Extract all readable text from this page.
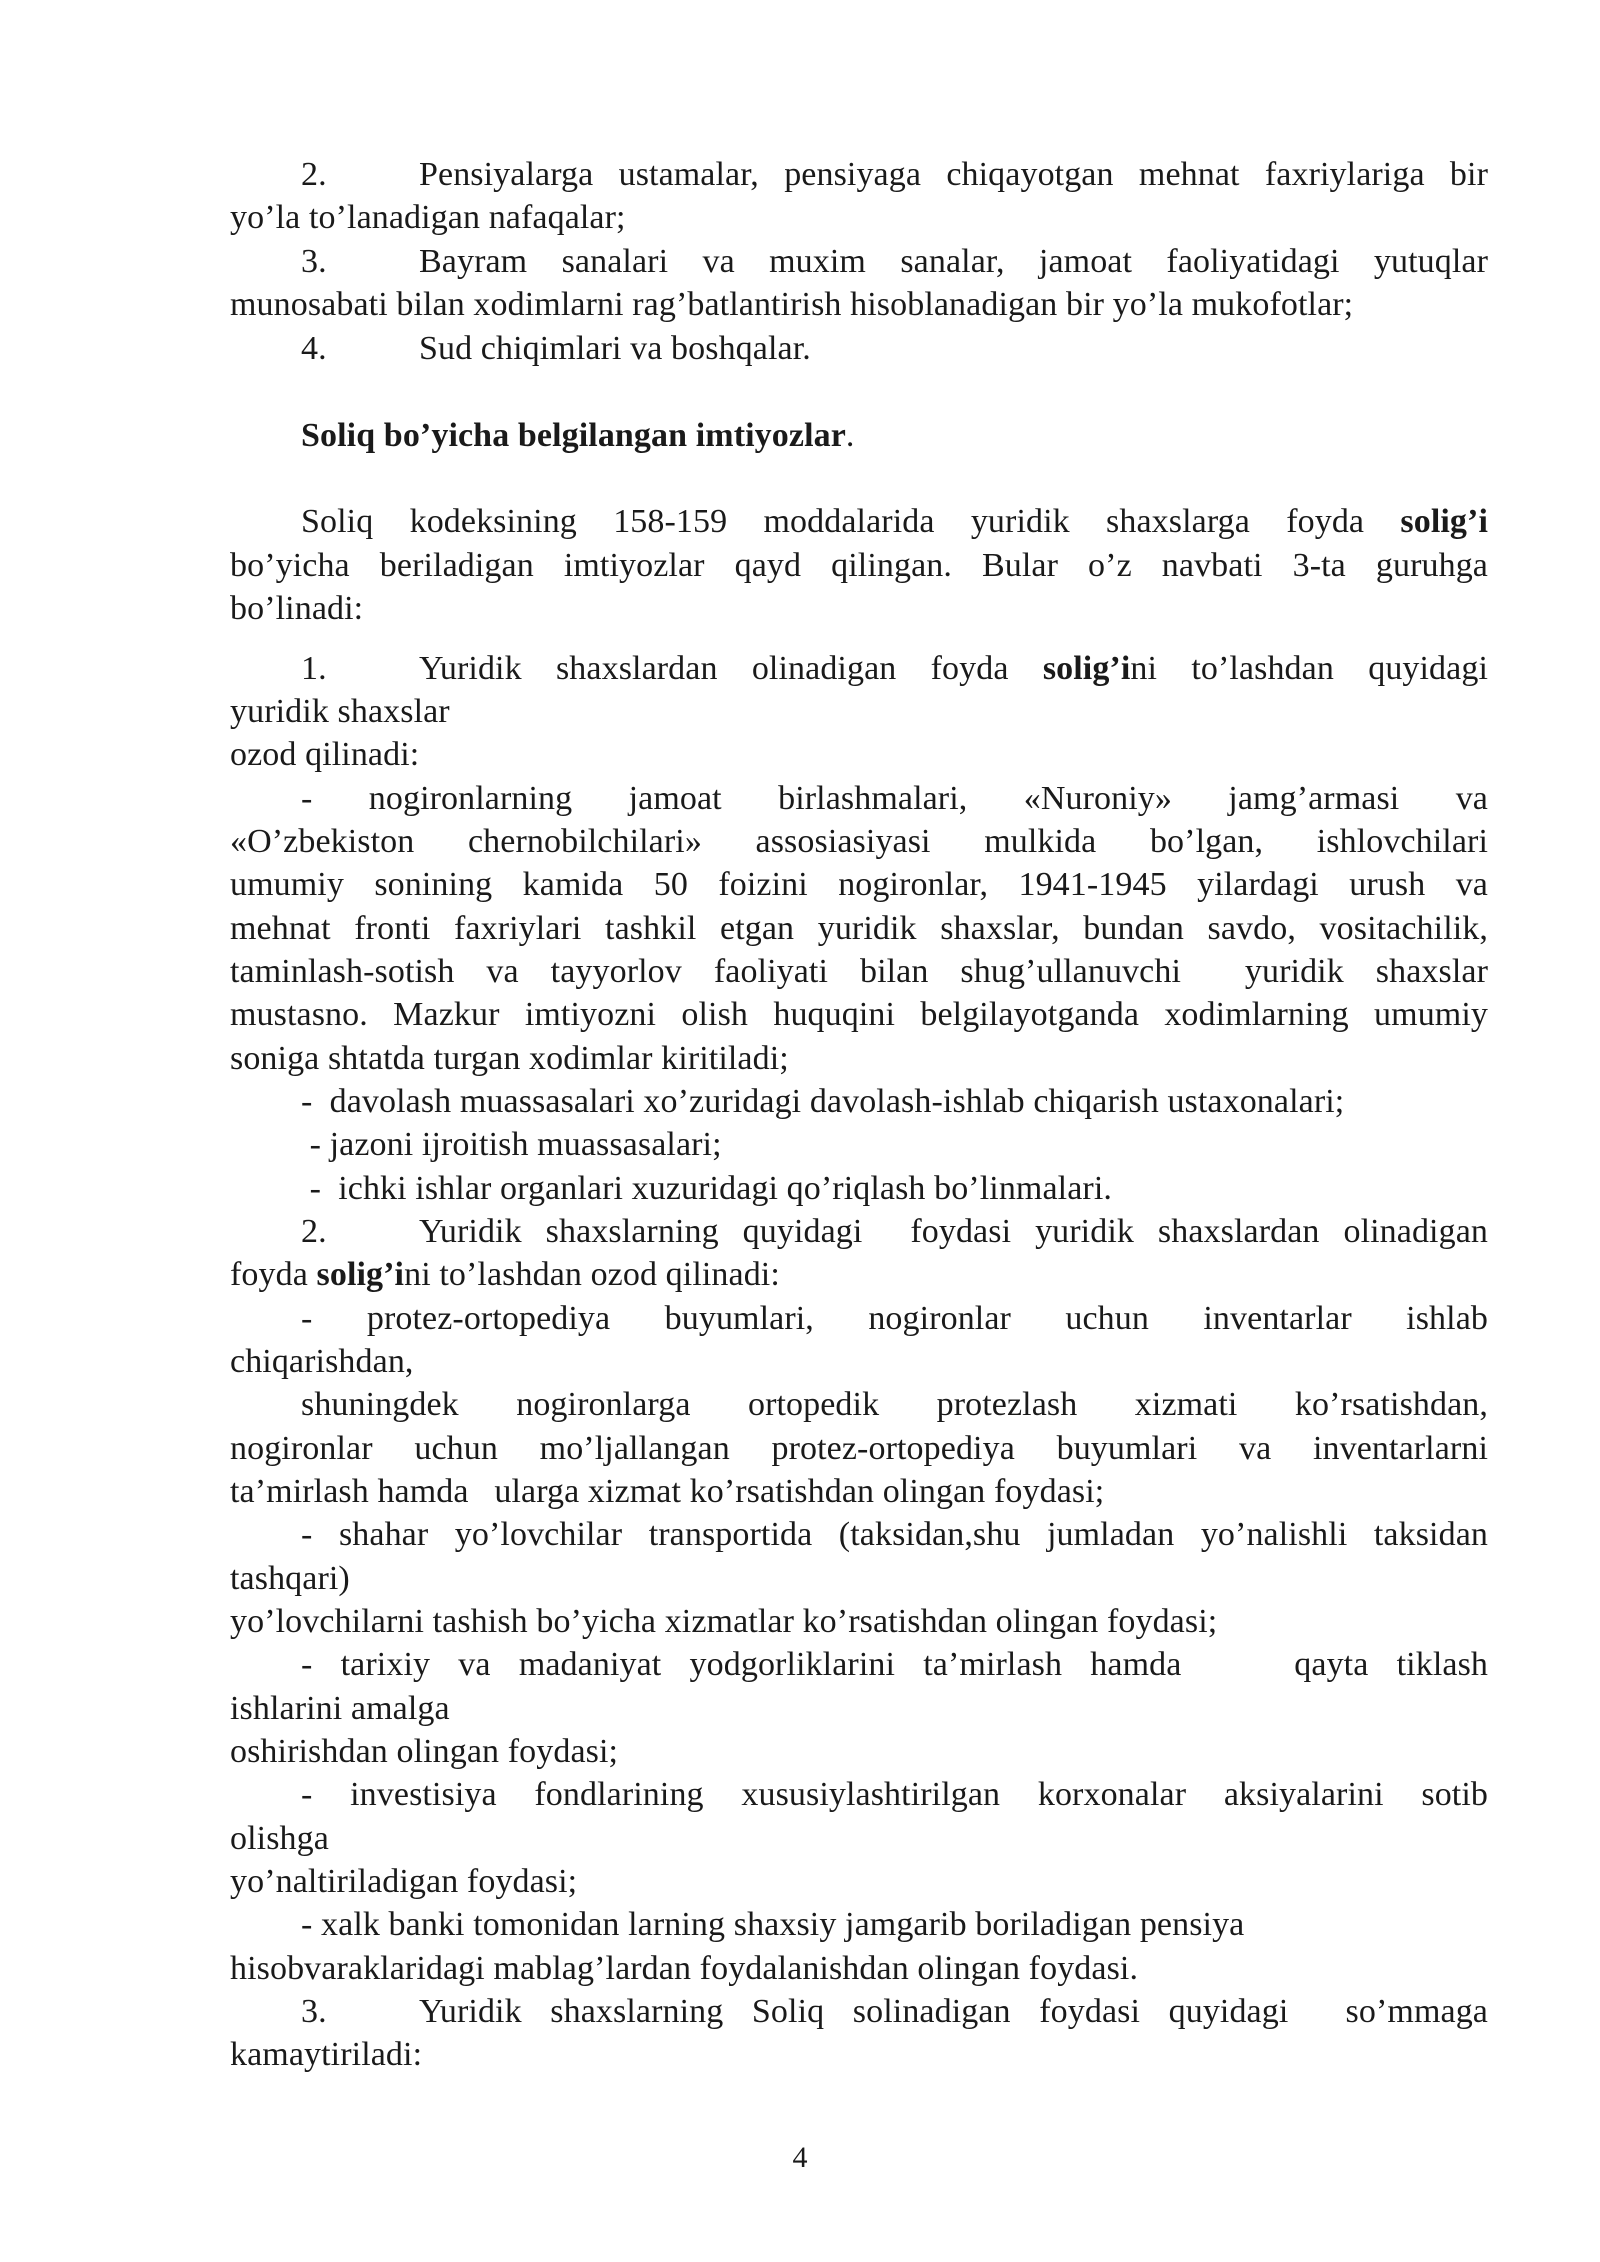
2.	Pensiyalarga ustamalar, pensiyaga chiqayotgan mehnat faxriylariga bir
yo’la to’lanadigan nafaqalar;
3.	Bayram sanalari va muxim sanalar, jamoat faoliyatidagi yutuqlar
munosabati bilan xodimlarni rag’batlantirish hisoblanadigan bir yo’la mukofotlar;
4.	Sud chiqimlari va boshqalar.
Soliq bo’yicha belgilangan imtiyozlar.
Soliq kodeksining 158-159 moddalarida yuridik shaxslarga foyda solig’i
bo’yicha beriladigan imtiyozlar qayd qilingan. Bular o’z navbati 3-ta guruhga
bo’linadi:
1.	Yuridik shaxslardan olinadigan foyda solig’ini to’lashdan quyidagi
yuridik shaxslar
ozod qilinadi:
- nogironlarning jamoat birlashmalari, «Nuroniy» jamg’armasi va
«O’zbekiston chernobilchilari» assosiasiyasi mulkida bo’lgan, ishlovchilari
umumiy sonining kamida 50 foizini nogironlar, 1941-1945 yilardagi urush va
mehnat fronti faxriylari tashkil etgan yuridik shaxslar, bundan savdo, vositachilik,
taminlash-sotish va tayyorlov faoliyati bilan shug’ullanuvchi  yuridik shaxslar
mustasno. Mazkur imtiyozni olish huquqini belgilayotganda xodimlarning umumiy
soniga shtatda turgan xodimlar kiritiladi;
-  davolash muassasalari xo’zuridagi davolash-ishlab chiqarish ustaxonalari;
- jazoni ijroitish muassasalari;
-  ichki ishlar organlari xuzuridagi qo’riqlash bo’linmalari.
2.	Yuridik shaxslarning quyidagi  foydasi yuridik shaxslardan olinadigan
foyda solig’ini to’lashdan ozod qilinadi:
- protez-ortopediya buyumlari, nogironlar uchun inventarlar ishlab
chiqarishdan,
shuningdek nogironlarga ortopedik protezlash xizmati ko’rsatishdan,
nogironlar uchun mo’ljallangan protez-ortopediya buyumlari va inventarlarni
ta’mirlash hamda   ularga xizmat ko’rsatishdan olingan foydasi;
- shahar yo’lovchilar transportida (taksidan,shu jumladan yo’nalishli taksidan
tashqari)
yo’lovchilarni tashish bo’yicha xizmatlar ko’rsatishdan olingan foydasi;
- tarixiy va madaniyat yodgorliklarini ta’mirlash hamda    qayta tiklash
ishlarini amalga
oshirishdan olingan foydasi;
- investisiya fondlarining xususiylashtirilgan korxonalar aksiyalarini sotib
olishga
yo’naltiriladigan foydasi;
- xalk banki tomonidan larning shaxsiy jamgarib boriladigan pensiya
hisobvaraklaridagi mablag’lardan foydalanishdan olingan foydasi.
3.	Yuridik shaxslarning Soliq solinadigan foydasi quyidagi  so’mmaga
kamaytiriladi:
4
